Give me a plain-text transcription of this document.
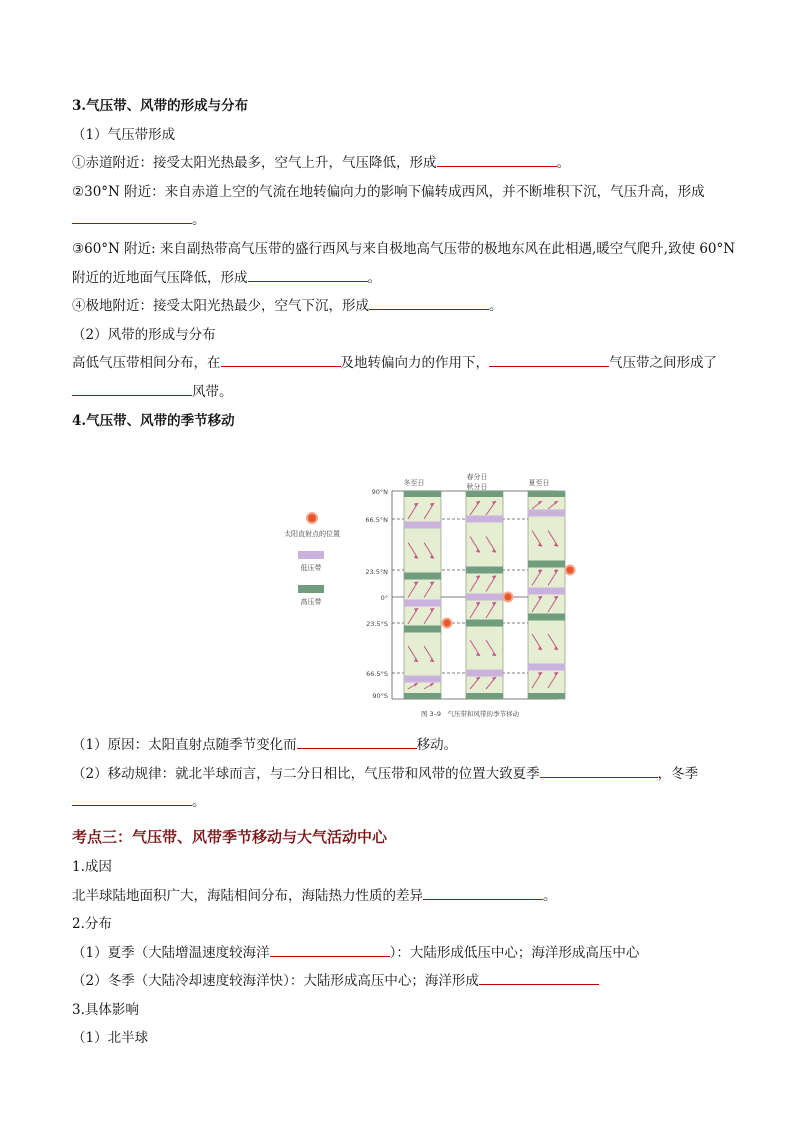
3.气压带、风带的形成与分布
（1）气压带形成
①赤道附近：接受太阳光热最多，空气上升，气压降低，形成	。
②30°N 附近：来自赤道上空的气流在地转偏向力的影响下偏转成西风，并不断堆积下沉，气压升高，形成
。
③60°N 附近: 来自副热带高气压带的盛行西风与来自极地高气压带的极地东风在此相遇,暖空气爬升,致使 60°N
附近的近地面气压降低，形成	。
④极地附近：接受太阳光热最少，空气下沉，形成	。
（2）风带的形成与分布
高低气压带相间分布，在	及地转偏向力的作用下，	气压带之间形成了
风带。
4.气压带、风带的季节移动
太阳直射点的位置
低压带
高压带
冬至日
春分日
秋分日	夏至日
90°N
66.5°N
23.5°N
0°
23.5°S
66.5°S
90°S
图 3–9　气压带和风带的季节移动
（1）原因：太阳直射点随季节变化而	移动。
（2）移动规律：就北半球而言，与二分日相比，气压带和风带的位置大致夏季	，冬季
。
考点三：气压带、风带季节移动与大气活动中心
1.成因
北半球陆地面积广大，海陆相间分布，海陆热力性质的差异	。
2.分布
（1）夏季（大陆增温速度较海洋	）：大陆形成低压中心；海洋形成高压中心
（2）冬季（大陆冷却速度较海洋快）：大陆形成高压中心；海洋形成
3.具体影响
（1）北半球
